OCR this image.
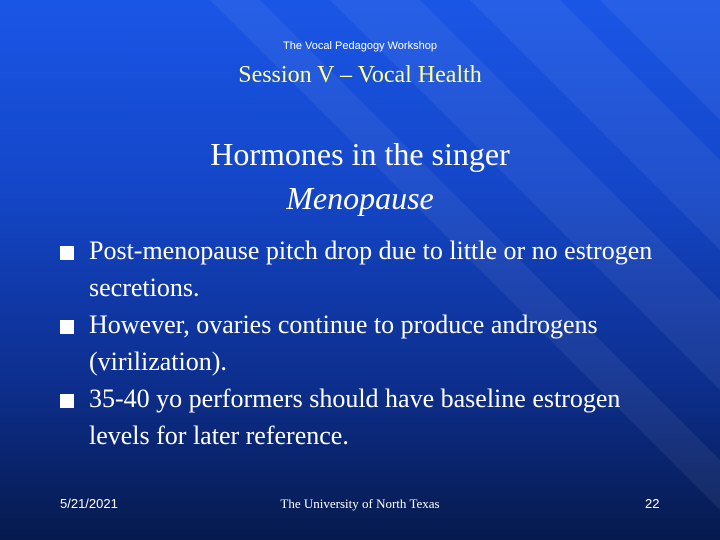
The Vocal Pedagogy Workshop
Session V – Vocal Health
Hormones in the singer
Menopause
Post-menopause pitch drop due to little or no estrogen secretions.
However, ovaries continue to produce androgens (virilization).
35-40 yo performers should have baseline estrogen levels for later reference.
5/21/2021	The University of North Texas	22
